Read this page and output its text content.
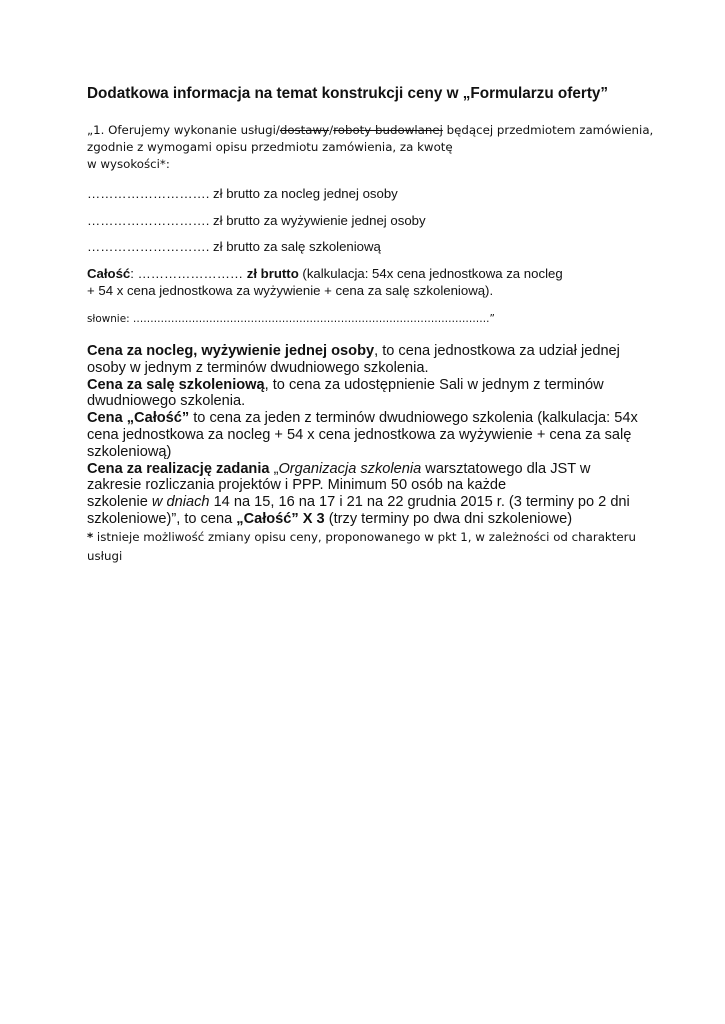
Dodatkowa informacja na temat konstrukcji ceny w „Formularzu oferty”
„1. Oferujemy wykonanie usługi/dostawy/roboty budowlanej będącej przedmiotem zamówienia,
zgodnie z wymogami opisu przedmiotu zamówienia, za kwotę
w wysokości*:
………………………. zł brutto za nocleg jednej osoby
………………………. zł brutto za wyżywienie jednej osoby
………………………. zł brutto za salę szkoleniową
Całość: …………………… zł brutto (kalkulacja: 54x cena jednostkowa za nocleg
+ 54 x cena jednostkowa za wyżywienie + cena za salę szkoleniową).
słownie: ………………………………………………………………………………………….”
Cena za nocleg, wyżywienie jednej osoby, to cena jednostkowa za udział jednej
osoby w jednym z terminów dwudniowego szkolenia.
Cena za salę szkoleniową, to cena za udostępnienie Sali w jednym z terminów
dwudniowego szkolenia.
Cena „Całość” to cena za jeden z terminów dwudniowego szkolenia (kalkulacja: 54x
cena jednostkowa za nocleg + 54 x cena jednostkowa za wyżywienie + cena za salę
szkoleniową)
Cena za realizację zadania „Organizacja szkolenia warsztatowego dla JST w
zakresie rozliczania projektów i PPP. Minimum 50 osób na każde
szkolenie w dniach 14 na 15, 16 na 17 i 21 na 22 grudnia 2015 r. (3 terminy po 2 dni
szkoleniowe)”, to cena „Całość” X 3 (trzy terminy po dwa dni szkoleniowe)
* istnieje możliwość zmiany opisu ceny, proponowanego w pkt 1, w zależności od charakteru
usługi
